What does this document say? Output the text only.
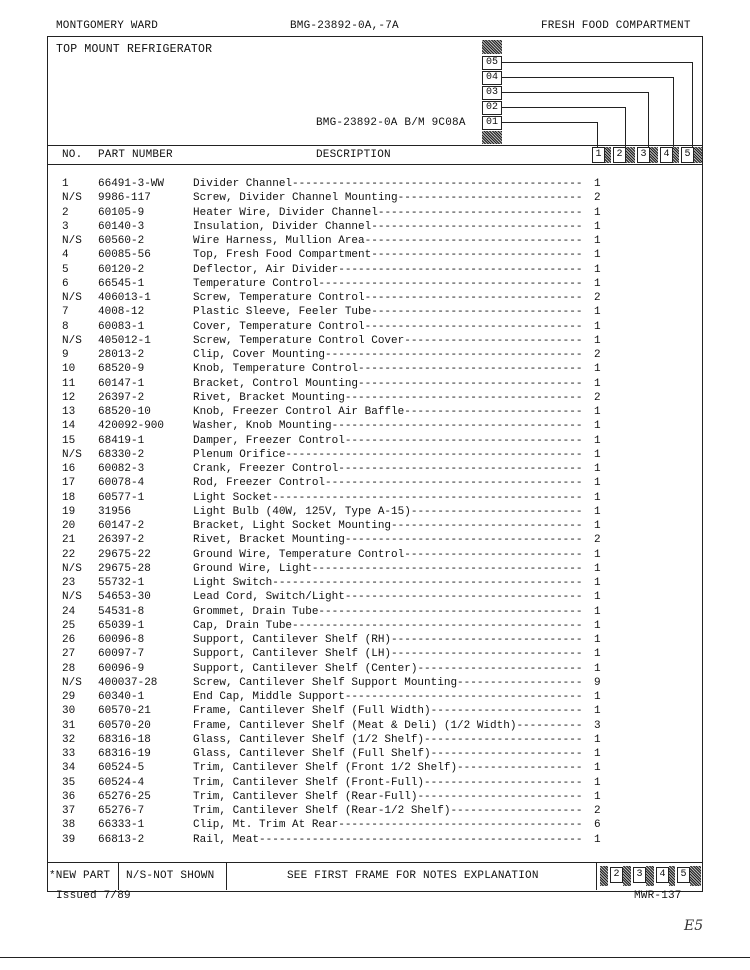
MONTGOMERY WARD	BMG-23892-0A,-7A	FRESH FOOD COMPARTMENT
TOP MOUNT REFRIGERATOR
05
04
03
02
01
BMG-23892-0A B/M 9C08A
NO. PART NUMBER	DESCRIPTION	1	2	3	4	5
1	66491-3-WW	Divider Channel -------------------------------------------- 1
N/S 9986-117	Screw, Divider Channel Mounting ---------------------------- 2
2	60105-9	Heater Wire, Divider Channel ------------------------------- 1
3	60140-3	Insulation, Divider Channel -------------------------------- 1
N/S 60560-2	Wire Harness, Mullion Area --------------------------------- 1
4	60085-56	Top, Fresh Food Compartment -------------------------------- 1
5	60120-2	Deflector, Air Divider ------------------------------------- 1
6	66545-1	Temperature Control ---------------------------------------- 1
N/S 406013-1	Screw, Temperature Control --------------------------------- 2
7	4008-12	Plastic Sleeve, Feeler Tube -------------------------------- 1
8	60083-1	Cover, Temperature Control --------------------------------- 1
N/S 405012-1	Screw, Temperature Control Cover --------------------------- 1
9	28013-2	Clip, Cover Mounting --------------------------------------- 2
10 68520-9	Knob, Temperature Control ---------------------------------- 1
11 60147-1	Bracket, Control Mounting ---------------------------------- 1
12 26397-2	Rivet, Bracket Mounting ------------------------------------ 2
13 68520-10	Knob, Freezer Control Air Baffle --------------------------- 1
14 420092-900	Washer, Knob Mounting -------------------------------------- 1
15 68419-1	Damper, Freezer Control ------------------------------------ 1
N/S 68330-2	Plenum Orifice --------------------------------------------- 1
16 60082-3	Crank, Freezer Control ------------------------------------- 1
17 60078-4	Rod, Freezer Control --------------------------------------- 1
18 60577-1	Light Socket ----------------------------------------------- 1
19 31956	Light Bulb (40W, 125V, Type A-15) -------------------------- 1
20 60147-2	Bracket, Light Socket Mounting ----------------------------- 1
21 26397-2	Rivet, Bracket Mounting ------------------------------------ 2
22 29675-22	Ground Wire, Temperature Control --------------------------- 1
N/S 29675-28	Ground Wire, Light ----------------------------------------- 1
23 55732-1	Light Switch ----------------------------------------------- 1
N/S 54653-30	Lead Cord, Switch/Light ------------------------------------ 1
24 54531-8	Grommet, Drain Tube ---------------------------------------- 1
25 65039-1	Cap, Drain Tube -------------------------------------------- 1
26 60096-8	Support, Cantilever Shelf (RH) ----------------------------- 1
27 60097-7	Support, Cantilever Shelf (LH) ----------------------------- 1
28 60096-9	Support, Cantilever Shelf (Center) ------------------------- 1
N/S 400037-28	Screw, Cantilever Shelf Support Mounting ------------------- 9
29 60340-1	End Cap, Middle Support ------------------------------------ 1
30 60570-21	Frame, Cantilever Shelf (Full Width) ----------------------- 1
31 60570-20	Frame, Cantilever Shelf (Meat & Deli) (1/2 Width) ---------- 3
32 68316-18	Glass, Cantilever Shelf (1/2 Shelf) ------------------------ 1
33 68316-19	Glass, Cantilever Shelf (Full Shelf) ----------------------- 1
34 60524-5	Trim, Cantilever Shelf (Front 1/2 Shelf) ------------------- 1
35 60524-4	Trim, Cantilever Shelf (Front-Full) ------------------------ 1
36 65276-25	Trim, Cantilever Shelf (Rear-Full) ------------------------- 1
37 65276-7	Trim, Cantilever Shelf (Rear-1/2 Shelf) -------------------- 2
38 66333-1	Clip, Mt. Trim At Rear ------------------------------------- 6
39 66813-2	Rail, Meat ------------------------------------------------- 1
*NEW PART N/S-NOT SHOWN	SEE FIRST FRAME FOR NOTES EXPLANATION	2	3	4	5
Issued 7/89	MWR-137
E5
